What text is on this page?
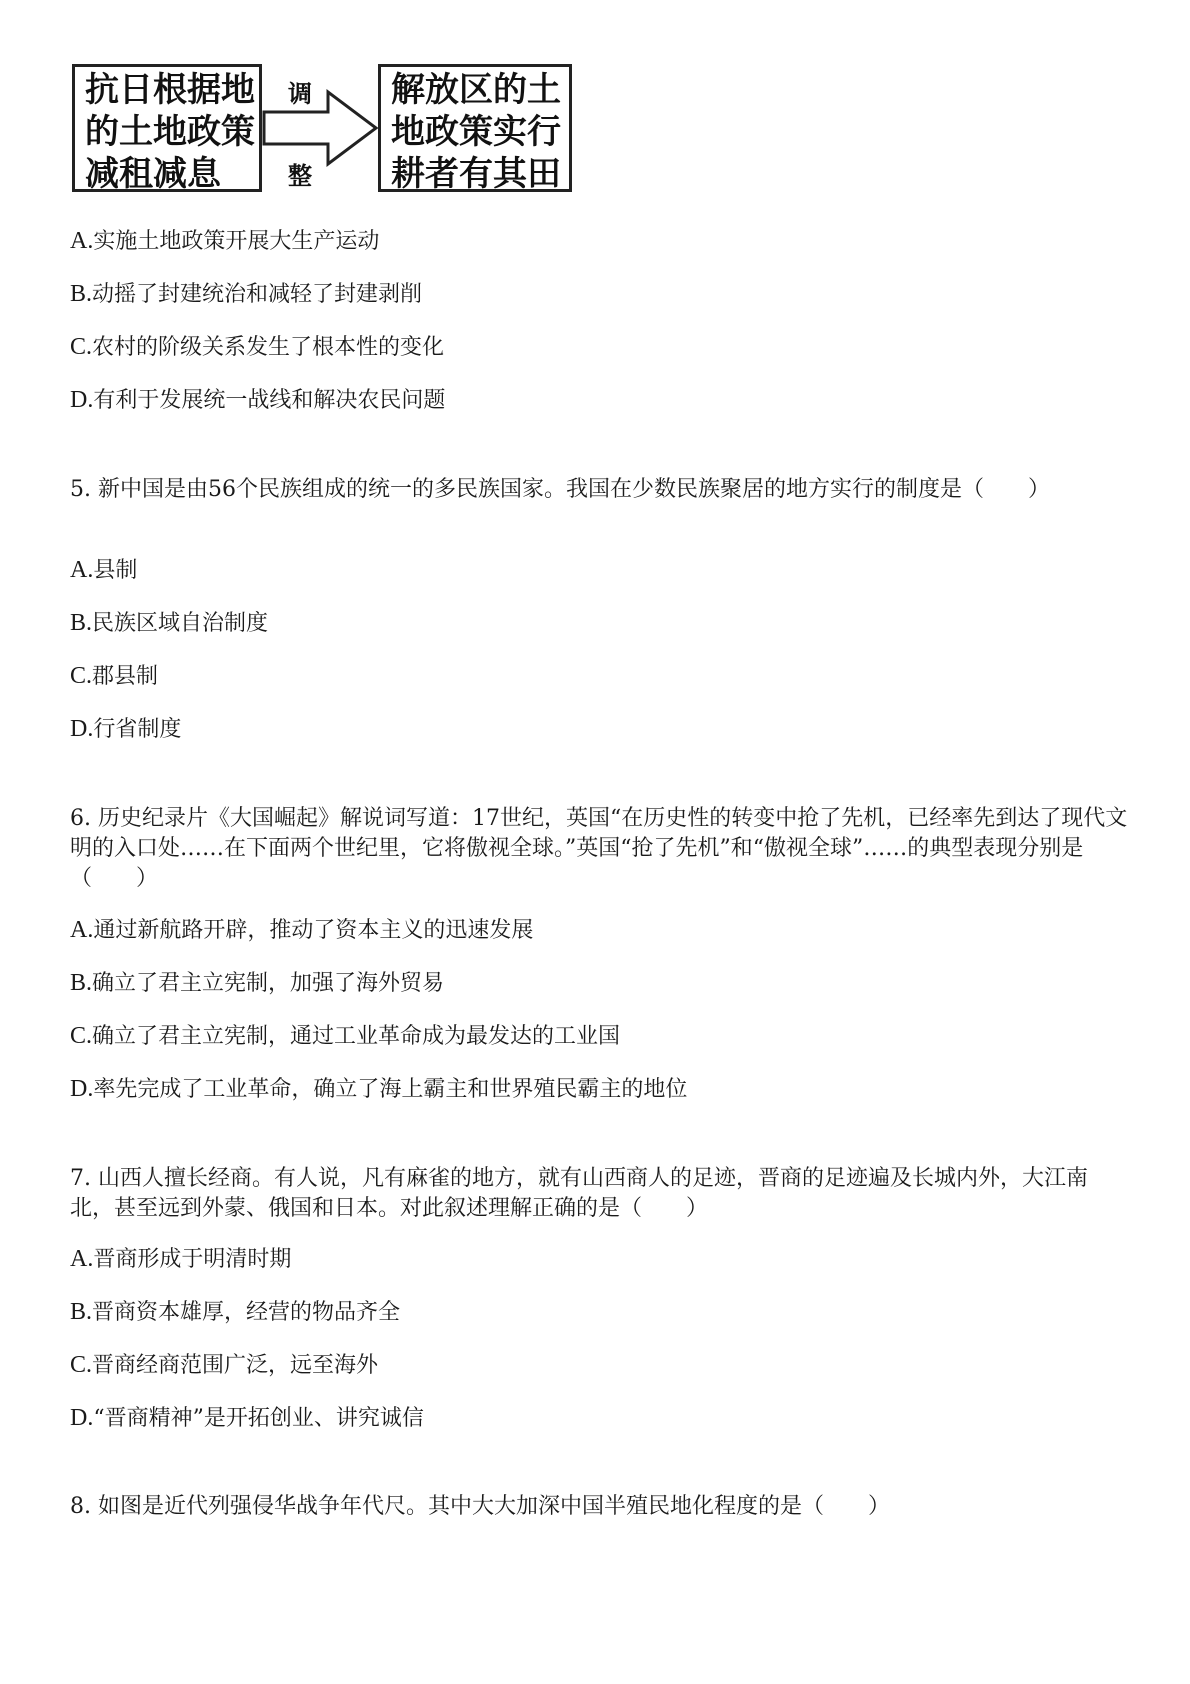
抗日根据地
的土地政策
减租减息
调
整
解放区的土
地政策实行
耕者有其田
A.实施土地政策开展大生产运动
B.动摇了封建统治和减轻了封建剥削
C.农村的阶级关系发生了根本性的变化
D.有利于发展统一战线和解决农民问题
5. 新中国是由56个民族组成的统一的多民族国家。我国在少数民族聚居的地方实行的制度是（　　）
A.县制
B.民族区域自治制度
C.郡县制
D.行省制度
6. 历史纪录片《大国崛起》解说词写道：17世纪，英国“在历史性的转变中抢了先机，已经率先到达了现代文明的入口处……在下面两个世纪里，它将傲视全球。”英国“抢了先机”和“傲视全球”……的典型表现分别是（　　）
A.通过新航路开辟，推动了资本主义的迅速发展
B.确立了君主立宪制，加强了海外贸易
C.确立了君主立宪制，通过工业革命成为最发达的工业国
D.率先完成了工业革命，确立了海上霸主和世界殖民霸主的地位
7. 山西人擅长经商。有人说，凡有麻雀的地方，就有山西商人的足迹，晋商的足迹遍及长城内外，大江南北，甚至远到外蒙、俄国和日本。对此叙述理解正确的是（　　）
A.晋商形成于明清时期
B.晋商资本雄厚，经营的物品齐全
C.晋商经商范围广泛，远至海外
D.“晋商精神”是开拓创业、讲究诚信
8. 如图是近代列强侵华战争年代尺。其中大大加深中国半殖民地化程度的是（　　）
